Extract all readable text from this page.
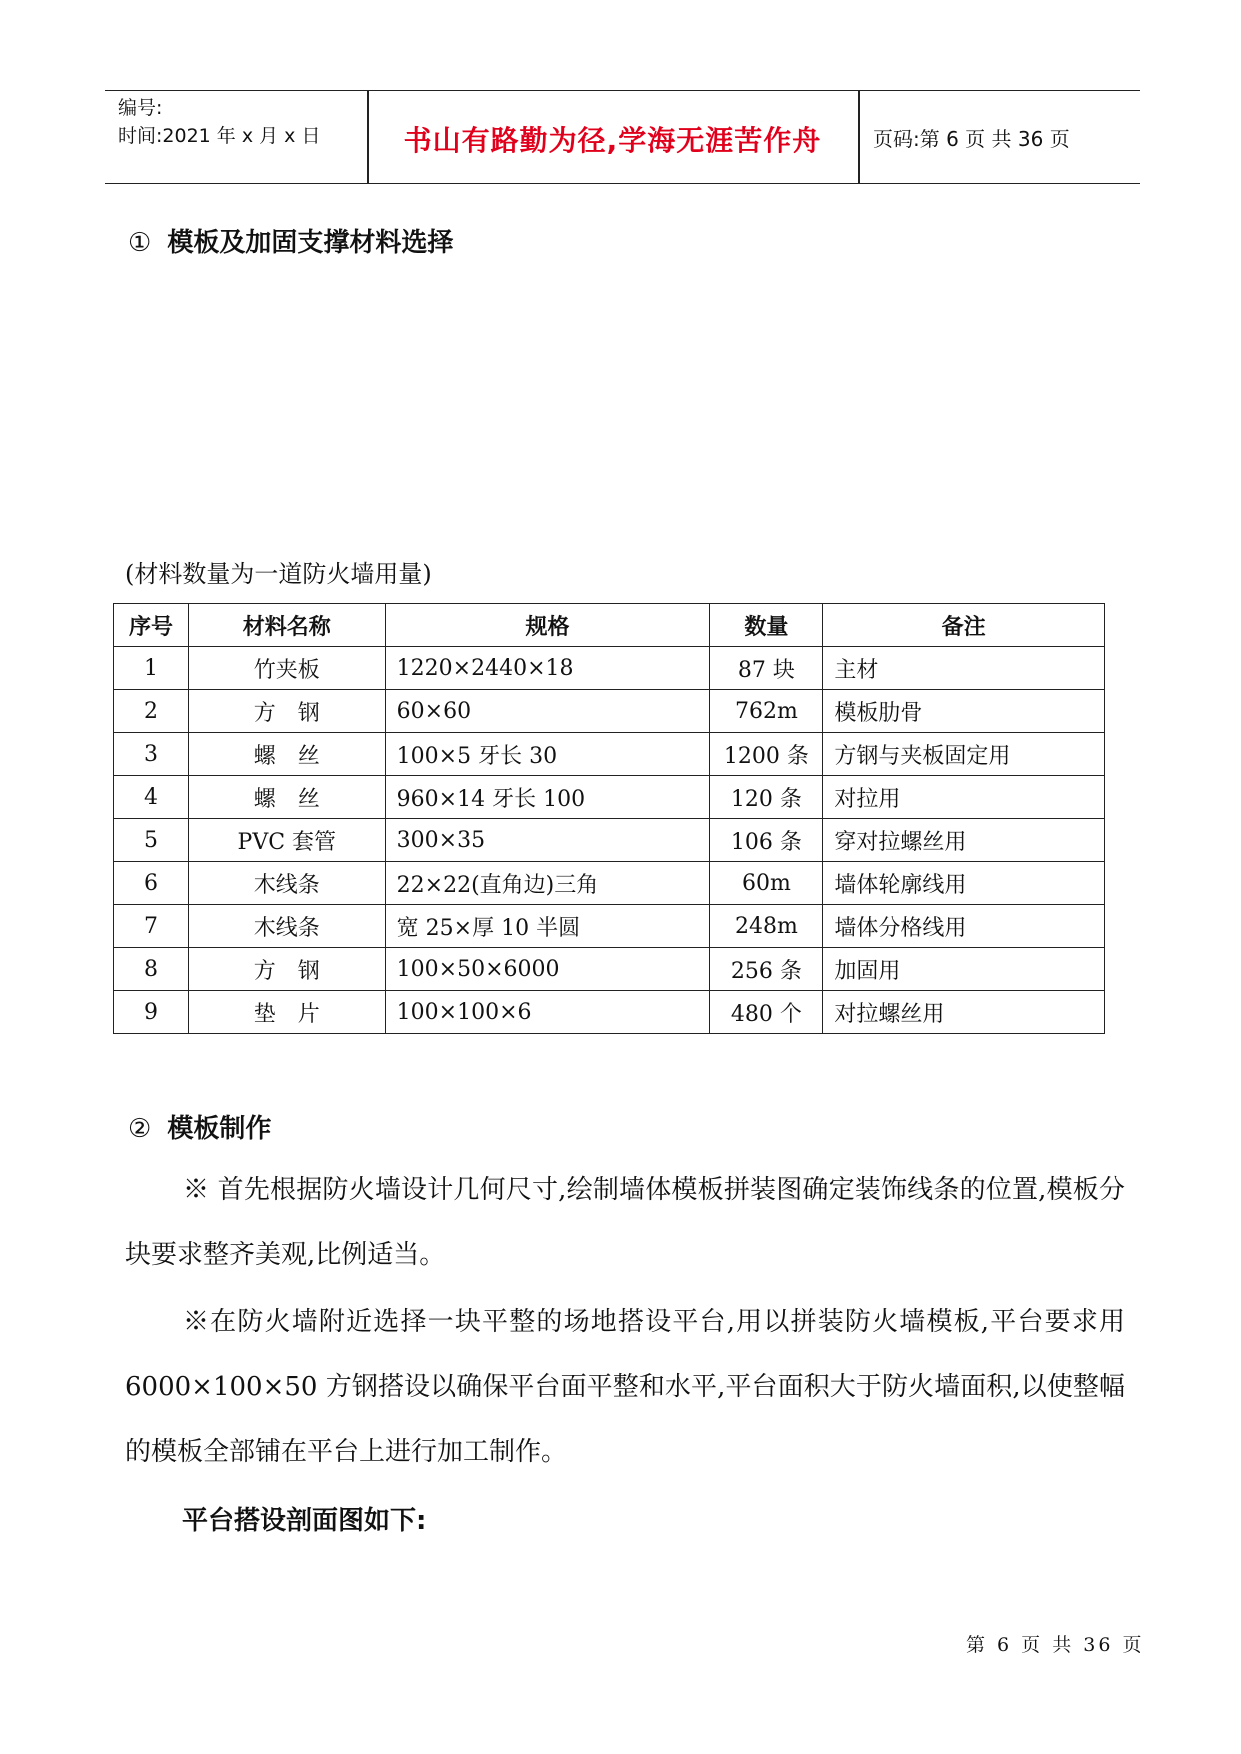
编号:
时间:2021 年 x 月 x 日	书山有路勤为径,学海无涯苦作舟	页码:第 6 页 共 36 页
① 模板及加固支撑材料选择
(材料数量为一道防火墙用量)
序号	材料名称	规格	数量	备注
1	竹夹板	1220×2440×18	87 块	主材
2	方　钢	60×60	762m	模板肋骨
3	螺　丝	100×5 牙长 30	1200 条	方钢与夹板固定用
4	螺　丝	960×14 牙长 100	120 条	对拉用
5	PVC 套管	300×35	106 条	穿对拉螺丝用
6	木线条	22×22(直角边)三角	60m	墙体轮廓线用
7	木线条	宽 25×厚 10 半圆	248m	墙体分格线用
8	方　钢	100×50×6000	256 条	加固用
9	垫　片	100×100×6	480 个	对拉螺丝用
② 模板制作
※ 首先根据防火墙设计几何尺寸,绘制墙体模板拼装图确定装饰线条的位置,模板分块要求整齐美观,比例适当。
※在防火墙附近选择一块平整的场地搭设平台,用以拼装防火墙模板,平台要求用 6000×100×50 方钢搭设以确保平台面平整和水平,平台面积大于防火墙面积,以使整幅的模板全部铺在平台上进行加工制作。
平台搭设剖面图如下:
第 6 页 共 36 页
